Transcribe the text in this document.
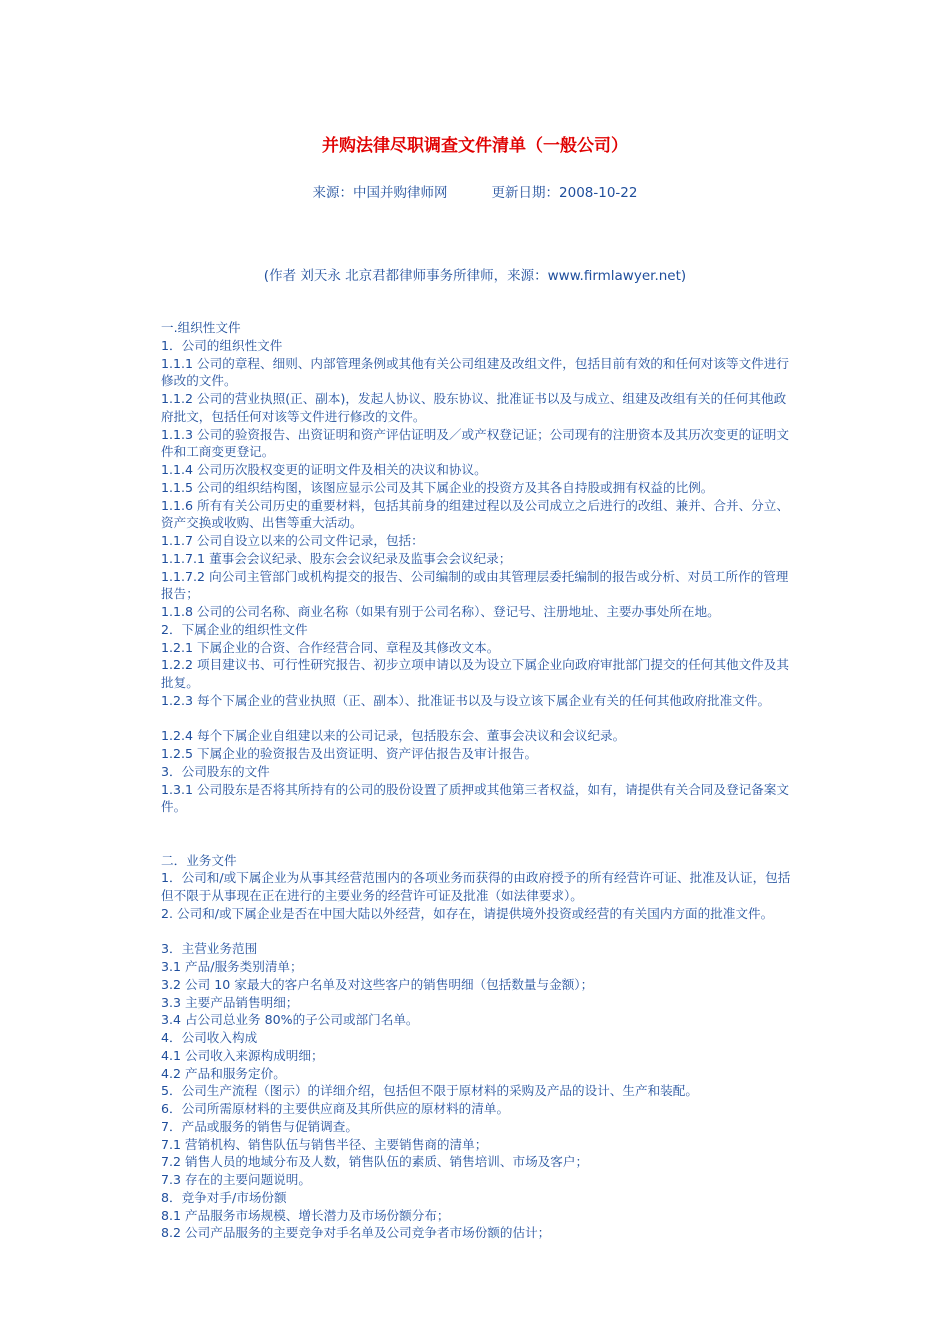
并购法律尽职调查文件清单（一般公司）
来源：中国并购律师网	更新日期：2008-10-22
(作者 刘天永 北京君都律师事务所律师，来源：www.firmlawyer.net)
一.组织性文件
1．公司的组织性文件
1.1.1 公司的章程、细则、内部管理条例或其他有关公司组建及改组文件，包括目前有效的和任何对该等文件进行修改的文件。
1.1.2 公司的营业执照(正、副本)，发起人协议、股东协议、批准证书以及与成立、组建及改组有关的任何其他政府批文，包括任何对该等文件进行修改的文件。
1.1.3 公司的验资报告、出资证明和资产评估证明及／或产权登记证；公司现有的注册资本及其历次变更的证明文件和工商变更登记。
1.1.4 公司历次股权变更的证明文件及相关的决议和协议。
1.1.5 公司的组织结构图，该图应显示公司及其下属企业的投资方及其各自持股或拥有权益的比例。
1.1.6 所有有关公司历史的重要材料，包括其前身的组建过程以及公司成立之后进行的改组、兼并、合并、分立、资产交换或收购、出售等重大活动。
1.1.7 公司自设立以来的公司文件记录，包括：
1.1.7.1 董事会会议纪录、股东会会议纪录及监事会会议纪录；
1.1.7.2 向公司主管部门或机构提交的报告、公司编制的或由其管理层委托编制的报告或分析、对员工所作的管理报告；
1.1.8 公司的公司名称、商业名称（如果有别于公司名称）、登记号、注册地址、主要办事处所在地。
2．下属企业的组织性文件
1.2.1 下属企业的合资、合作经营合同、章程及其修改文本。
1.2.2 项目建议书、可行性研究报告、初步立项申请以及为设立下属企业向政府审批部门提交的任何其他文件及其批复。
1.2.3 每个下属企业的营业执照（正、副本）、批准证书以及与设立该下属企业有关的任何其他政府批准文件。
1.2.4 每个下属企业自组建以来的公司记录，包括股东会、董事会决议和会议纪录。
1.2.5 下属企业的验资报告及出资证明、资产评估报告及审计报告。
3．公司股东的文件
1.3.1 公司股东是否将其所持有的公司的股份设置了质押或其他第三者权益，如有，请提供有关合同及登记备案文件。
二．业务文件
1．公司和/或下属企业为从事其经营范围内的各项业务而获得的由政府授予的所有经营许可证、批准及认证，包括但不限于从事现在正在进行的主要业务的经营许可证及批准（如法律要求）。
2. 公司和/或下属企业是否在中国大陆以外经营，如存在，请提供境外投资或经营的有关国内方面的批准文件。
3．主营业务范围
3.1 产品/服务类别清单；
3.2 公司 10 家最大的客户名单及对这些客户的销售明细（包括数量与金额）；
3.3 主要产品销售明细；
3.4 占公司总业务 80%的子公司或部门名单。
4．公司收入构成
4.1 公司收入来源构成明细；
4.2 产品和服务定价。
5．公司生产流程（图示）的详细介绍，包括但不限于原材料的采购及产品的设计、生产和装配。
6．公司所需原材料的主要供应商及其所供应的原材料的清单。
7．产品或服务的销售与促销调查。
7.1 营销机构、销售队伍与销售半径、主要销售商的清单；
7.2 销售人员的地域分布及人数，销售队伍的素质、销售培训、市场及客户；
7.3 存在的主要问题说明。
8．竞争对手/市场份额
8.1 产品服务市场规模、增长潜力及市场份额分布；
8.2 公司产品服务的主要竞争对手名单及公司竞争者市场份额的估计；
